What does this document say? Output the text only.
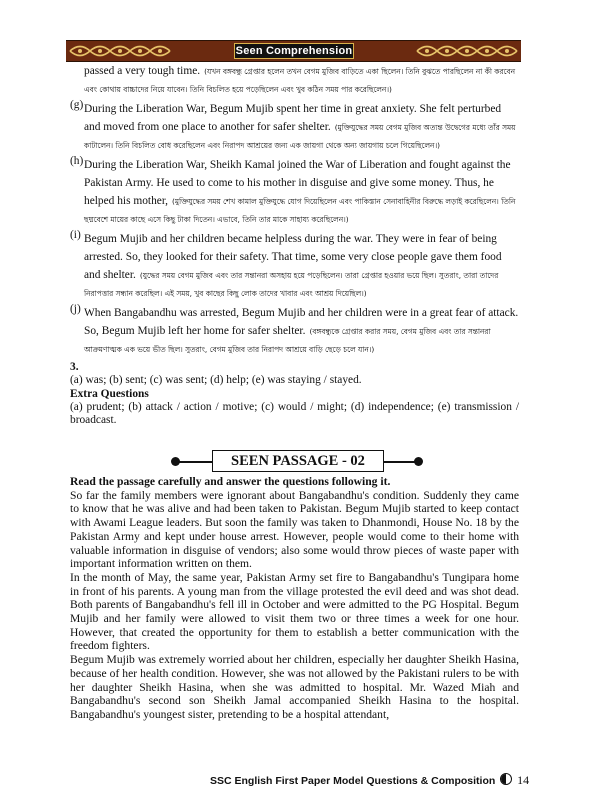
Seen Comprehension

passed a very tough time. (যখন বঙ্গবন্ধু গ্রেপ্তার হলেন তখন বেগম মুজিব বাড়িতে একা ছিলেন। তিনি বুঝতে পারছিলেন না কী করবেন এবং কোথায় বাচ্চাদের নিয়ে যাবেন। তিনি বিচলিত হয়ে পড়েছিলেন এবং খুব কঠিন সময় পার করেছিলেন।)
(g) During the Liberation War, Begum Mujib spent her time in great anxiety. She felt perturbed and moved from one place to another for safer shelter. (মুক্তিযুদ্ধের সময় বেগম মুজিব অত্যন্ত উদ্বেগের মধ্যে তাঁর সময় কাটালেন। তিনি বিচলিত বোধ করেছিলেন এবং নিরাপদ আশ্রয়ের জন্য এক জায়গা থেকে অন্য জায়গায় চলে গিয়েছিলেন।)
(h) During the Liberation War, Sheikh Kamal joined the War of Liberation and fought against the Pakistan Army. He used to come to his mother in disguise and give some money. Thus, he helped his mother, (মুক্তিযুদ্ধের সময় শেখ কামাল মুক্তিযুদ্ধে যোগ দিয়েছিলেন এবং পাকিস্তান সেনাবাহিনীর বিরুদ্ধে লড়াই করেছিলেন। তিনি ছদ্মবেশে মায়ের কাছে এসে কিছু টাকা দিতেন। এভাবে, তিনি তার মাকে সাহায্য করেছিলেন।)
(i) Begum Mujib and her children became helpless during the war. They were in fear of being arrested. So, they looked for their safety. That time, some very close people gave them food and shelter. (যুদ্ধের সময় বেগম মুজিব এবং তার সন্তানরা অসহায় হয়ে পড়েছিলেন। তারা গ্রেপ্তার হওয়ার ভয়ে ছিল। সুতরাং, তারা তাদের নিরাপত্তার সন্ধান করেছিল। এই সময়, খুব কাছের কিছু লোক তাদের খাবার এবং আশ্রয় দিয়েছিল।)
(j) When Bangabandhu was arrested, Begum Mujib and her children were in a great fear of attack. So, Begum Mujib left her home for safer shelter. (বঙ্গবন্ধুকে গ্রেপ্তার করার সময়, বেগম মুজিব এবং তার সন্তানরা আক্রমণাত্মক এক ভয়ে ভীত ছিল। সুতরাং, বেগম মুজিব তার নিরাপদ আশ্রয়ে বাড়ি ছেড়ে চলে যান।)

3.

(a) was; (b) sent; (c) was sent; (d) help; (e) was staying / stayed.

Extra Questions

(a) prudent; (b) attack / action / motive; (c) would / might; (d) independence; (e) transmission / broadcast.

SEEN PASSAGE - 02

Read the passage carefully and answer the questions following it.

So far the family members were ignorant about Bangabandhu's condition. Suddenly they came to know that he was alive and had been taken to Pakistan. Begum Mujib started to keep contact with Awami League leaders. But soon the family was taken to Dhanmondi, House No. 18 by the Pakistan Army and kept under house arrest. However, people would come to their home with valuable information in disguise of vendors; also some would throw pieces of waste paper with important information written on them.

In the month of May, the same year, Pakistan Army set fire to Bangabandhu's Tungipara home in front of his parents. A young man from the village protested the evil deed and was shot dead. Both parents of Bangabandhu's fell ill in October and were admitted to the PG Hospital. Begum Mujib and her family were allowed to visit them two or three times a week for one hour. However, that created the opportunity for them to establish a better communication with the freedom fighters.

Begum Mujib was extremely worried about her children, especially her daughter Sheikh Hasina, because of her health condition. However, she was not allowed by the Pakistani rulers to be with her daughter Sheikh Hasina, when she was admitted to hospital. Mr. Wazed Miah and Bangabandhu's second son Sheikh Jamal accompanied Sheikh Hasina to the hospital. Bangabandhu's youngest sister, pretending to be a hospital attendant,

SSC English First Paper Model Questions & Composition 14
